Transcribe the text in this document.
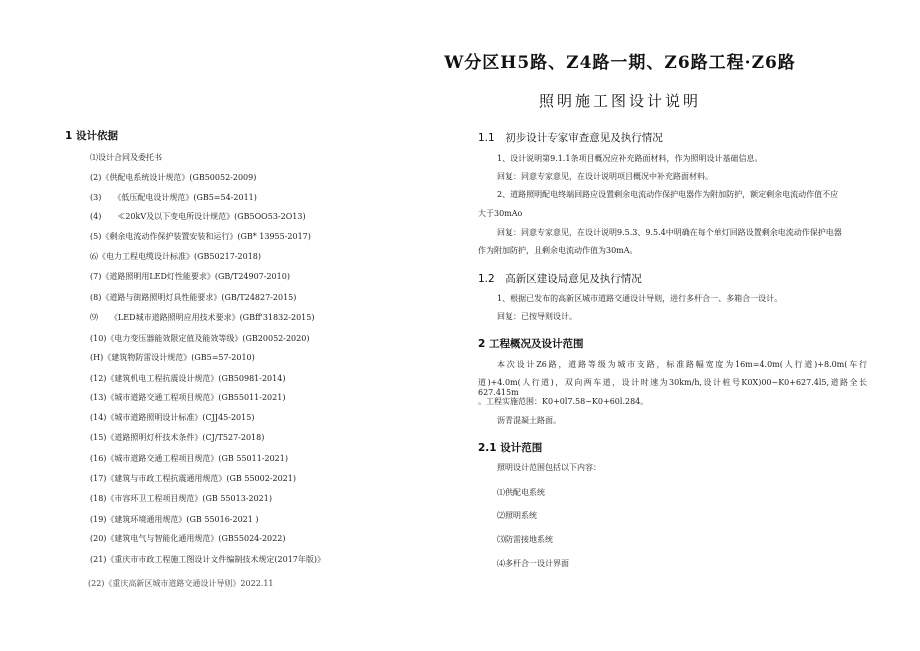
W分区H5路、Z4路一期、Z6路工程·Z6路
照明施工图设计说明
1 设计依据
⑴设计合同及委托书
(2)《供配电系统设计规范》(GB50052-2009)
(3)　　《低压配电设计规范》(GB5=54-2011)
(4)　　≪20kV及以下变电所设计规范》(GB5OO53-2O13)
(5)《剩余电流动作保护装置安装和运行》(GB* 13955-2017)
⑹《电力工程电缆设计标准》(GB50217-2018)
(7)《道路照明用LED灯性能要求》(GB/T24907-2010)
(8)《道路与街路照明灯具性能要求》(GB/T24827-2015)
⑼　　《LED城市道路照明应用技术要求》(GBff'31832-2015)
(10)《电力变压器能效限定值及能效等级》(GB20052-2020)
(H)《建筑物防雷设计规范》(GB5=57-2010)
(12)《建筑机电工程抗震设计规范》(GB50981-2014)
(13)《城市道路交通工程项目规范》(GB55011-2021)
(14)《城市道路照明设计标准》(CJJ45-2015)
(15)《道路照明灯杆技术条件》(CJ/T527-2018)
(16)《城市道路交通工程项目规范》(GB 55011-2021)
(17)《建筑与市政工程抗震通用规范》(GB 55002-2021)
(18)《市容环卫工程项目规范》(GB 55013-2021)
(19)《建筑环境通用规范》(GB 55016-2021 )
(20)《建筑电气与智能化通用规范》(GB55024-2022)
(21)《重庆市市政工程施工图设计文件编制技术规定(2017年版)》
(22)《重庆高新区城市道路交通设计导则》2022.11
1.1　初步设计专家审查意见及执行情况
1、设计说明第9.1.1条项目概况应补充路面材料，作为照明设计基础信息。
回复：同意专家意见，在设计说明项目概况中补充路面材料。
2、道路照明配电终端回路应设置剩余电流动作保护电器作为附加防护，额定剩余电流动作值不应
大于30mAo
回复：同意专家意见，在设计说明9.5.3、9.5.4中明确在每个单灯回路设置剩余电流动作保护电器
作为附加防护，且剩余电流动作值为30mA。
1.2　高新区建设局意见及执行情况
1、根据已发布的高新区城市道路交通设计导则，进行多杆合一、多箱合一设计。
回复：已按导则设计。
2 工程概况及设计范围
本次设计Z6路，道路等级为城市支路，标准路幅宽度为16m=4.0m(人行道)+8.0m(车行
道)+4.0m(人行道)，双向两车道，设计时速为30km/h,设计桩号K0X)00~K0+627.4l5,道路全长627.415m
。工程实施范围：K0+0l7.58~K0+60l.284。
沥青混凝土路面。
2.1 设计范围
照明设计范围包括以下内容：
⑴供配电系统
⑵照明系统
⑶防雷接地系统
⑷多杆合一设计界面
